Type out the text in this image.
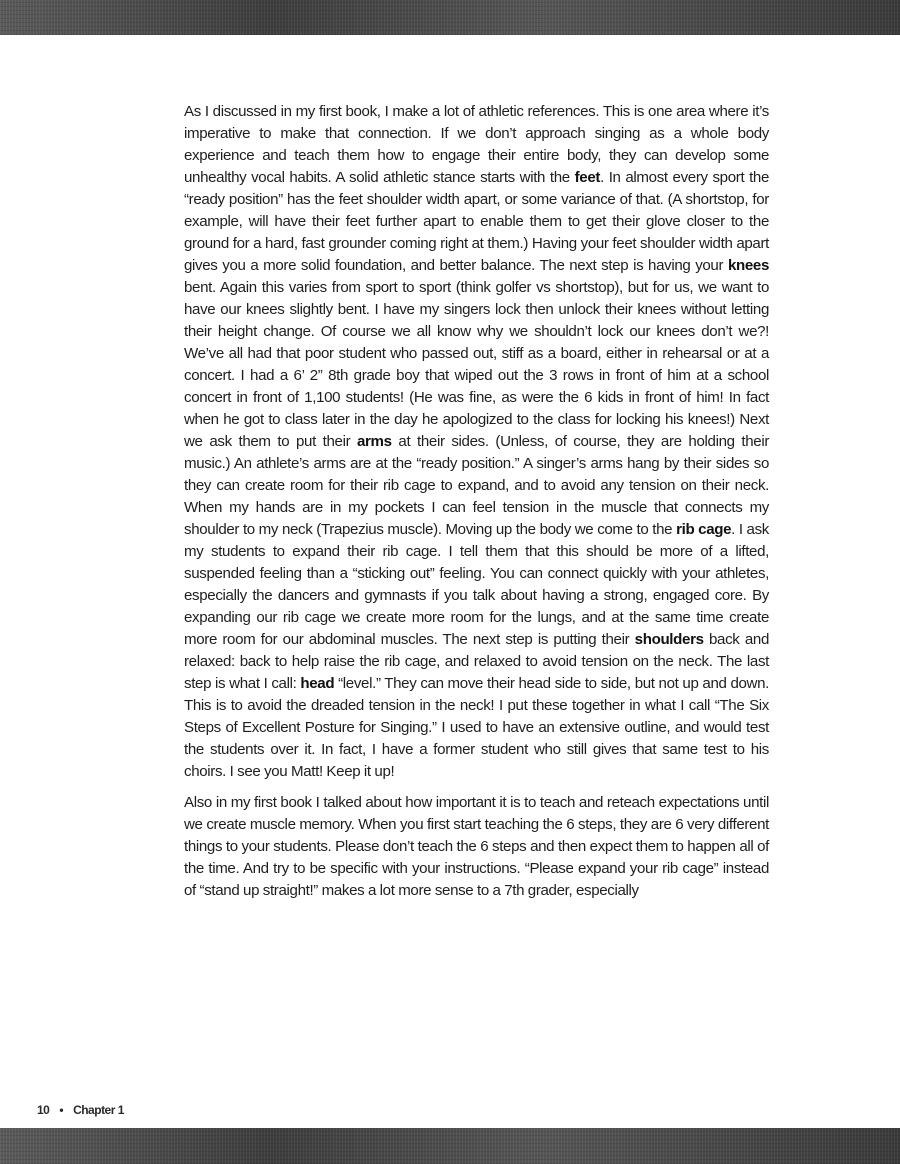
As I discussed in my first book, I make a lot of athletic references. This is one area where it’s imperative to make that connection. If we don’t approach singing as a whole body experience and teach them how to engage their entire body, they can develop some unhealthy vocal habits. A solid athletic stance starts with the feet. In almost every sport the “ready position” has the feet shoulder width apart, or some variance of that. (A shortstop, for example, will have their feet further apart to enable them to get their glove closer to the ground for a hard, fast grounder coming right at them.) Having your feet shoulder width apart gives you a more solid foundation, and better balance. The next step is having your knees bent. Again this varies from sport to sport (think golfer vs shortstop), but for us, we want to have our knees slightly bent. I have my singers lock then unlock their knees without letting their height change. Of course we all know why we shouldn’t lock our knees don’t we?! We’ve all had that poor student who passed out, stiff as a board, either in rehearsal or at a concert. I had a 6’ 2” 8th grade boy that wiped out the 3 rows in front of him at a school concert in front of 1,100 students! (He was fine, as were the 6 kids in front of him! In fact when he got to class later in the day he apologized to the class for locking his knees!) Next we ask them to put their arms at their sides. (Unless, of course, they are holding their music.) An athlete’s arms are at the “ready position.” A singer’s arms hang by their sides so they can create room for their rib cage to expand, and to avoid any tension on their neck. When my hands are in my pockets I can feel tension in the muscle that connects my shoulder to my neck (Trapezius muscle). Moving up the body we come to the rib cage. I ask my students to expand their rib cage. I tell them that this should be more of a lifted, suspended feeling than a “sticking out” feeling. You can connect quickly with your athletes, especially the dancers and gymnasts if you talk about having a strong, engaged core. By expanding our rib cage we create more room for the lungs, and at the same time create more room for our abdominal muscles. The next step is putting their shoulders back and relaxed: back to help raise the rib cage, and relaxed to avoid tension on the neck. The last step is what I call: head “level.” They can move their head side to side, but not up and down. This is to avoid the dreaded tension in the neck! I put these together in what I call “The Six Steps of Excellent Posture for Singing.” I used to have an extensive outline, and would test the students over it. In fact, I have a former student who still gives that same test to his choirs. I see you Matt! Keep it up!

Also in my first book I talked about how important it is to teach and reteach expectations until we create muscle memory. When you first start teaching the 6 steps, they are 6 very different things to your students. Please don’t teach the 6 steps and then expect them to happen all of the time. And try to be specific with your instructions. “Please expand your rib cage” instead of “stand up straight!” makes a lot more sense to a 7th grader, especially

10 • Chapter 1
